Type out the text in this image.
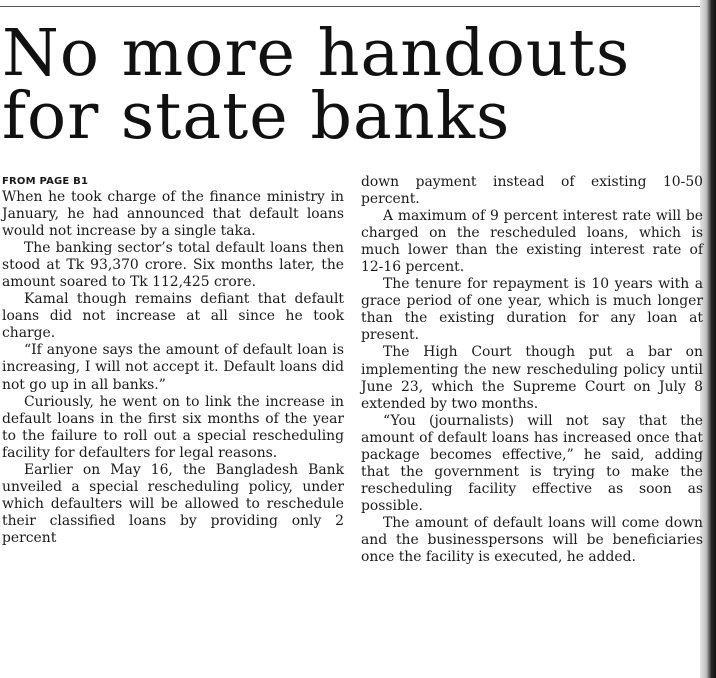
No more handouts
for state banks

FROM PAGE B1

When he took charge of the finance ministry in January, he had announced that default loans would not increase by a single taka.

The banking sector’s total default loans then stood at Tk 93,370 crore. Six months later, the amount soared to Tk 112,425 crore.

Kamal though remains defiant that default loans did not increase at all since he took charge.

“If anyone says the amount of default loan is increasing, I will not accept it. Default loans did not go up in all banks.”

Curiously, he went on to link the increase in default loans in the first six months of the year to the failure to roll out a special rescheduling facility for defaulters for legal reasons.

Earlier on May 16, the Bangladesh Bank unveiled a special rescheduling policy, under which defaulters will be allowed to reschedule their classified loans by providing only 2 percent

down payment instead of existing 10-50 percent.

A maximum of 9 percent interest rate will be charged on the rescheduled loans, which is much lower than the existing interest rate of 12-16 percent.

The tenure for repayment is 10 years with a grace period of one year, which is much longer than the existing duration for any loan at present.

The High Court though put a bar on implementing the new rescheduling policy until June 23, which the Supreme Court on July 8 extended by two months.

“You (journalists) will not say that the amount of default loans has increased once that package becomes effective,” he said, adding that the government is trying to make the rescheduling facility effective as soon as possible.

The amount of default loans will come down and the businesspersons will be beneficiaries once the facility is executed, he added.
